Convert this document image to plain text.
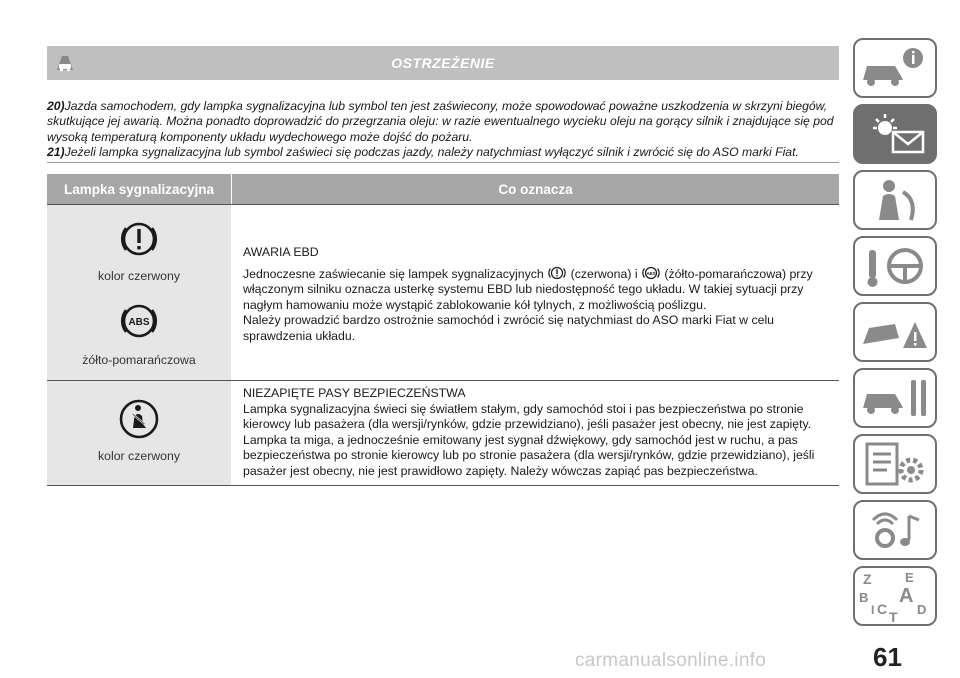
OSTRZEŻENIE

20)Jazda samochodem, gdy lampka sygnalizacyjna lub symbol ten jest zaświecony, może spowodować poważne uszkodzenia w skrzyni biegów, skutkujące jej awarią. Można ponadto doprowadzić do przegrzania oleju: w razie ewentualnego wycieku oleju na gorący silnik i znajdujące się pod wysoką temperaturą komponenty układu wydechowego może dojść do pożaru.

21)Jeżeli lampka sygnalizacyjna lub symbol zaświeci się podczas jazdy, należy natychmiast wyłączyć silnik i zwrócić się do ASO marki Fiat.

Lampka sygnalizacyjna	Co oznacza
kolor czerwony
ABS
żółto-pomarańczowa

AWARIA EBD

Jednoczesne zaświecanie się lampek sygnalizacyjnych (czerwona) i ABS (żółto-pomarańczowa) przy włączonym silniku oznacza usterkę systemu EBD lub niedostępność tego układu. W takiej sytuacji przy nagłym hamowaniu może wystąpić zablokowanie kół tylnych, z możliwością poślizgu.

Należy prowadzić bardzo ostrożnie samochód i zwrócić się natychmiast do ASO marki Fiat w celu sprawdzenia układu.

kolor czerwony

NIEZAPIĘTE PASY BEZPIECZEŃSTWA

Lampka sygnalizacyjna świeci się światłem stałym, gdy samochód stoi i pas bezpieczeństwa po stronie kierowcy lub pasażera (dla wersji/rynków, gdzie przewidziano), jeśli pasażer jest obecny, nie jest zapięty. Lampka ta miga, a jednocześnie emitowany jest sygnał dźwiękowy, gdy samochód jest w ruchu, a pas bezpieczeństwa po stronie kierowcy lub po stronie pasażera (dla wersji/rynków, gdzie przewidziano), jeśli pasażer jest obecny, nie jest prawidłowo zapięty. Należy wówczas zapiąć pas bezpieczeństwa.

Z	E
A
B
C D
T
I
61
carmanualsonline.info
